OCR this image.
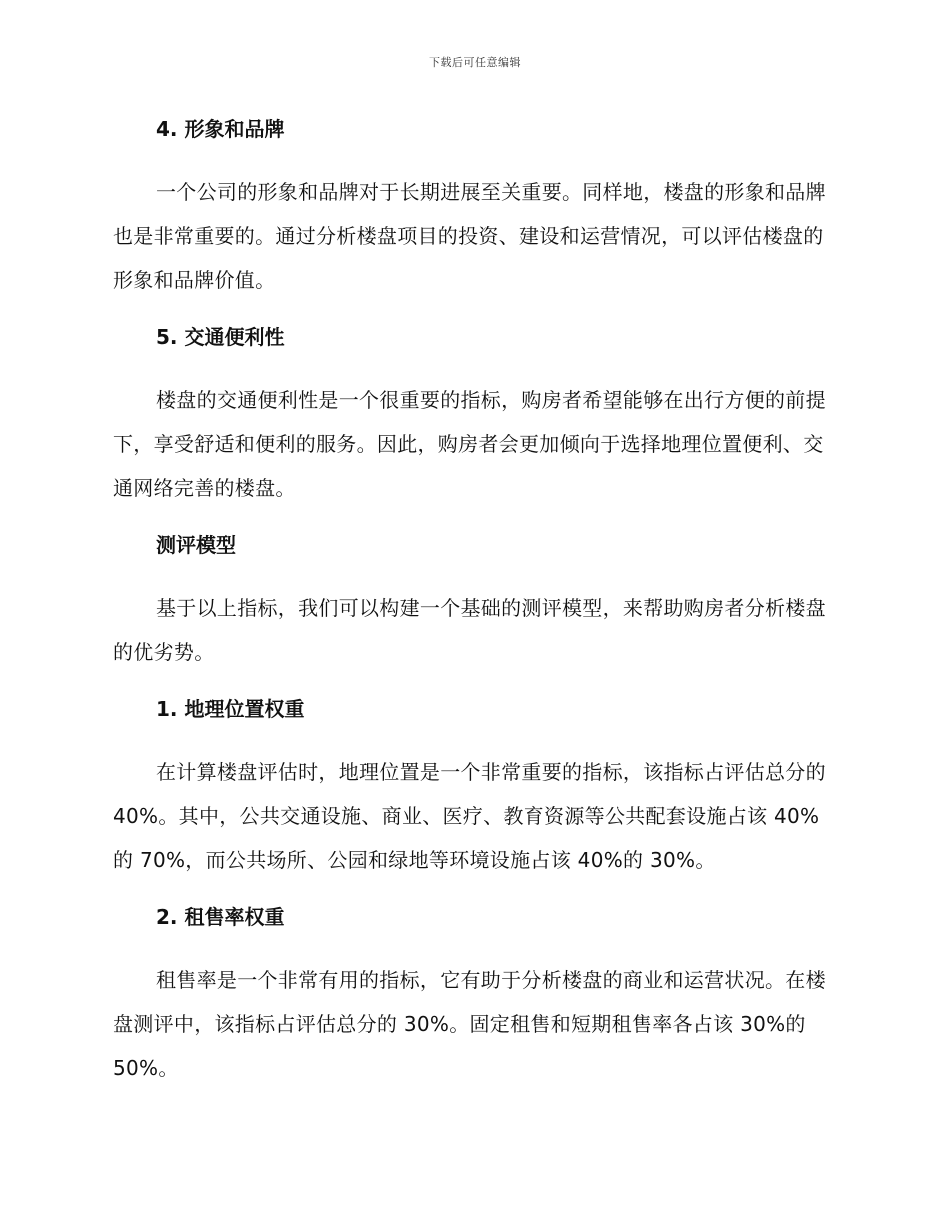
下载后可任意编辑
4. 形象和品牌

一个公司的形象和品牌对于长期进展至关重要。同样地，楼盘的形象和品牌也是非常重要的。通过分析楼盘项目的投资、建设和运营情况，可以评估楼盘的形象和品牌价值。

5. 交通便利性

楼盘的交通便利性是一个很重要的指标，购房者希望能够在出行方便的前提下，享受舒适和便利的服务。因此，购房者会更加倾向于选择地理位置便利、交通网络完善的楼盘。

测评模型

基于以上指标，我们可以构建一个基础的测评模型，来帮助购房者分析楼盘的优劣势。

1. 地理位置权重

在计算楼盘评估时，地理位置是一个非常重要的指标，该指标占评估总分的 40%。其中，公共交通设施、商业、医疗、教育资源等公共配套设施占该 40%的 70%，而公共场所、公园和绿地等环境设施占该 40%的 30%。

2. 租售率权重

租售率是一个非常有用的指标，它有助于分析楼盘的商业和运营状况。在楼盘测评中，该指标占评估总分的 30%。固定租售和短期租售率各占该 30%的 50%。
